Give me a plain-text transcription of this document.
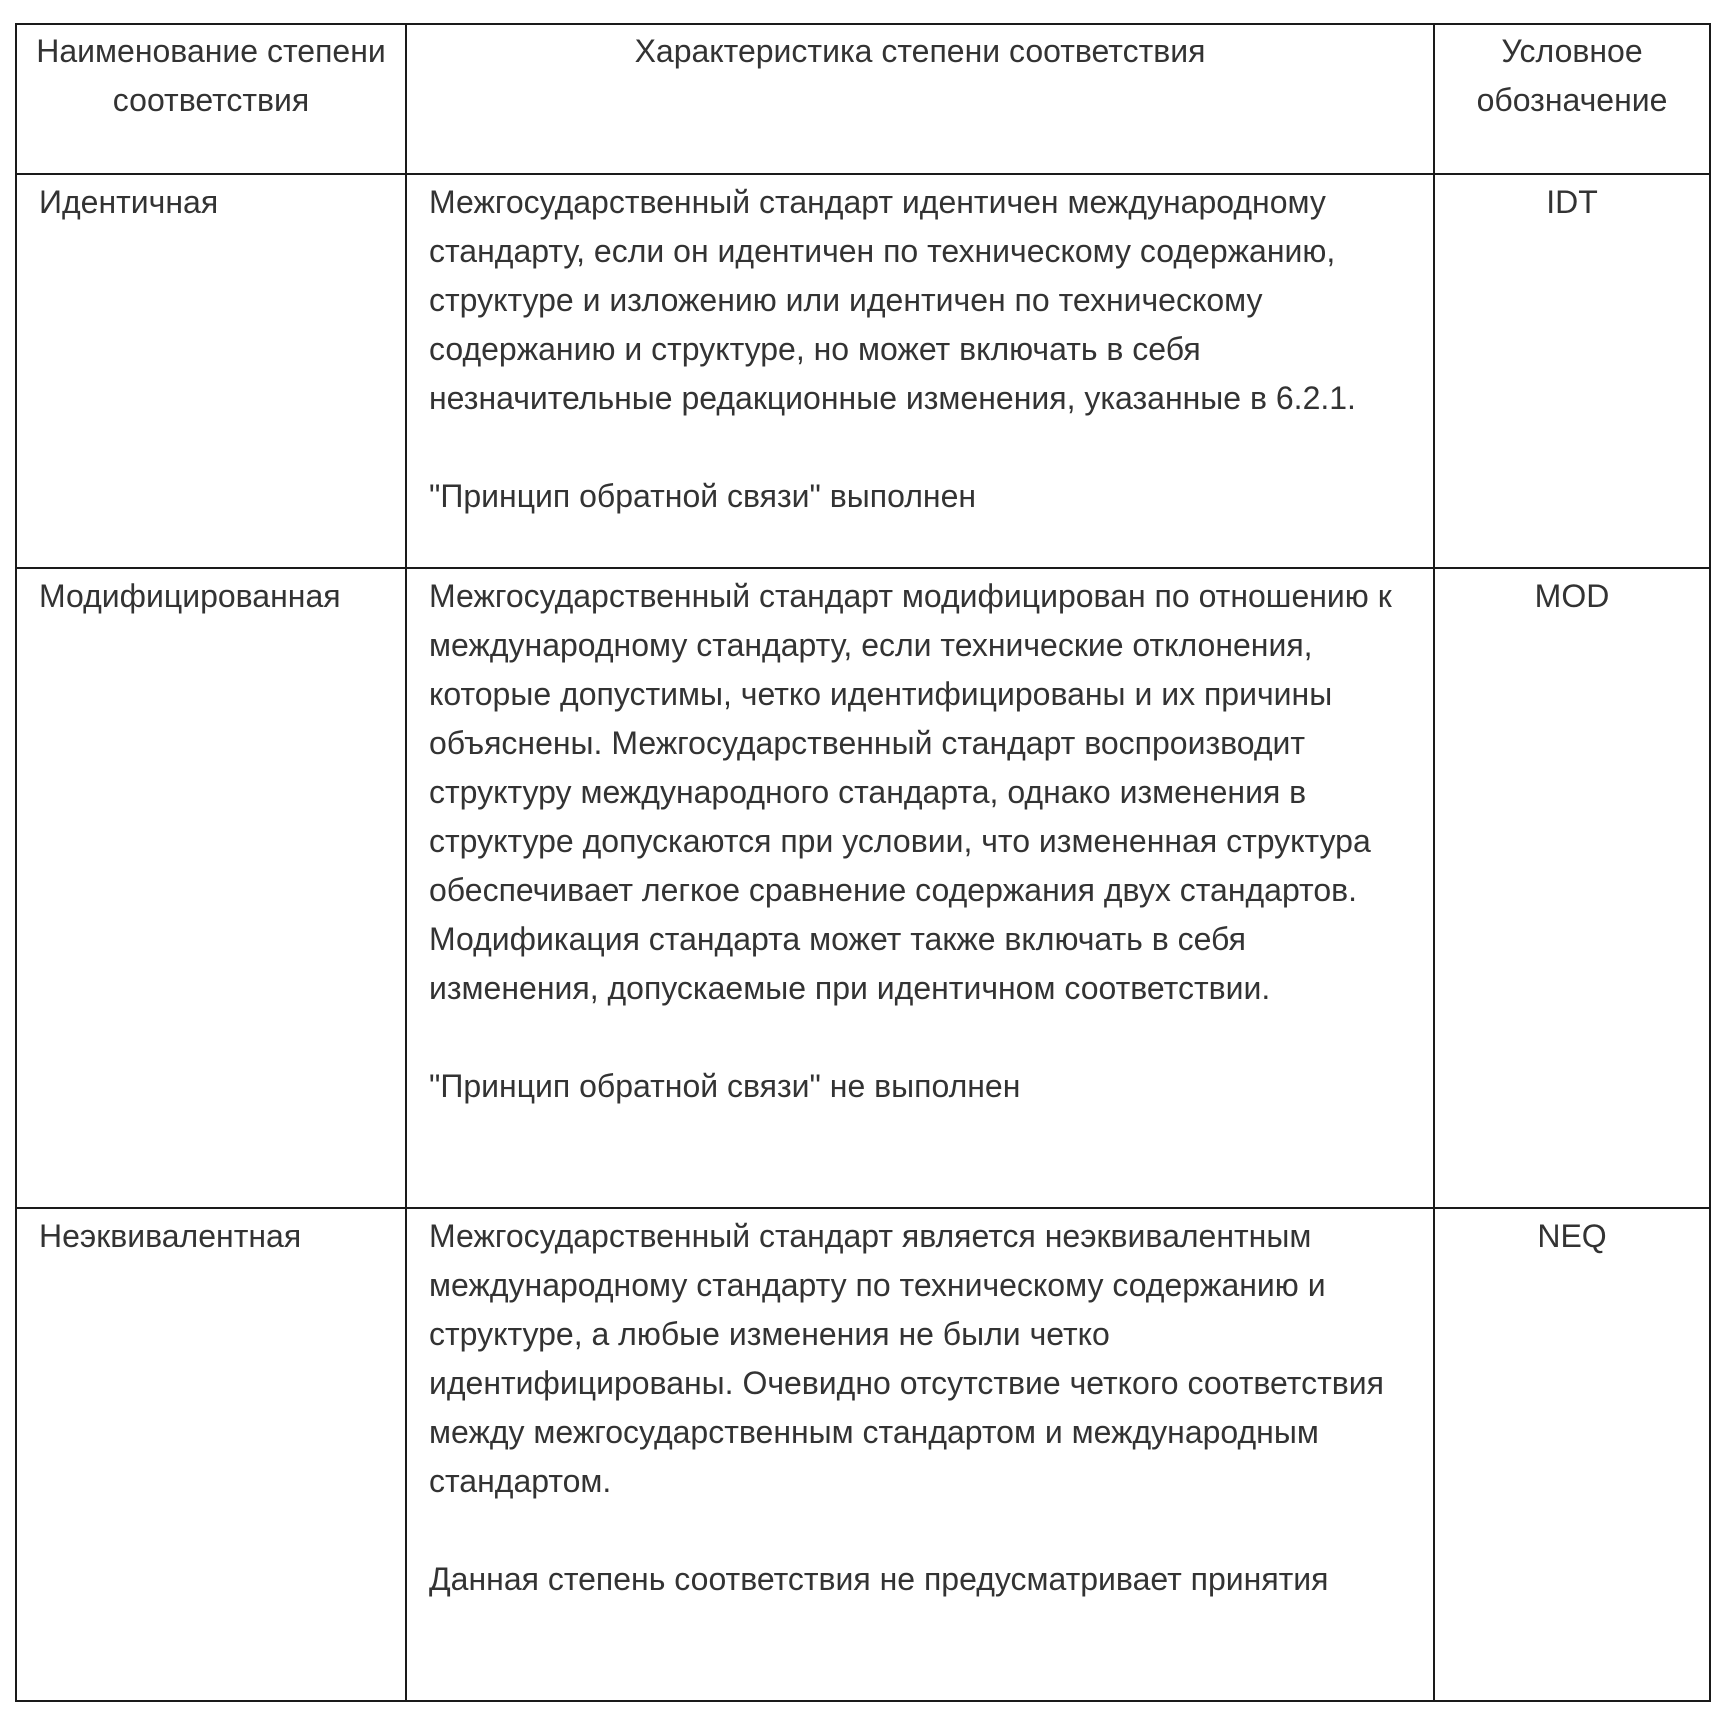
Наименование степени соответствия	Характеристика степени соответствия	Условное обозначение

Идентичная	Межгосударственный стандарт идентичен международному стандарту, если он идентичен по техническому содержанию, структуре и изложению или идентичен по техническому содержанию и структуре, но может включать в себя незначительные редакционные изменения, указанные в 6.2.1.
"Принцип обратной связи" выполнен	IDT

Модифицированная	Межгосударственный стандарт модифицирован по отношению к международному стандарту, если технические отклонения, которые допустимы, четко идентифицированы и их причины объяснены. Межгосударственный стандарт воспроизводит структуру международного стандарта, однако изменения в структуре допускаются при условии, что измененная структура обеспечивает легкое сравнение содержания двух стандартов. Модификация стандарта может также включать в себя изменения, допускаемые при идентичном соответствии.
"Принцип обратной связи" не выполнен	MOD

Неэквивалентная	Межгосударственный стандарт является неэквивалентным международному стандарту по техническому содержанию и структуре, а любые изменения не были четко идентифицированы. Очевидно отсутствие четкого соответствия между межгосударственным стандартом и международным стандартом.
Данная степень соответствия не предусматривает принятия	NEQ
